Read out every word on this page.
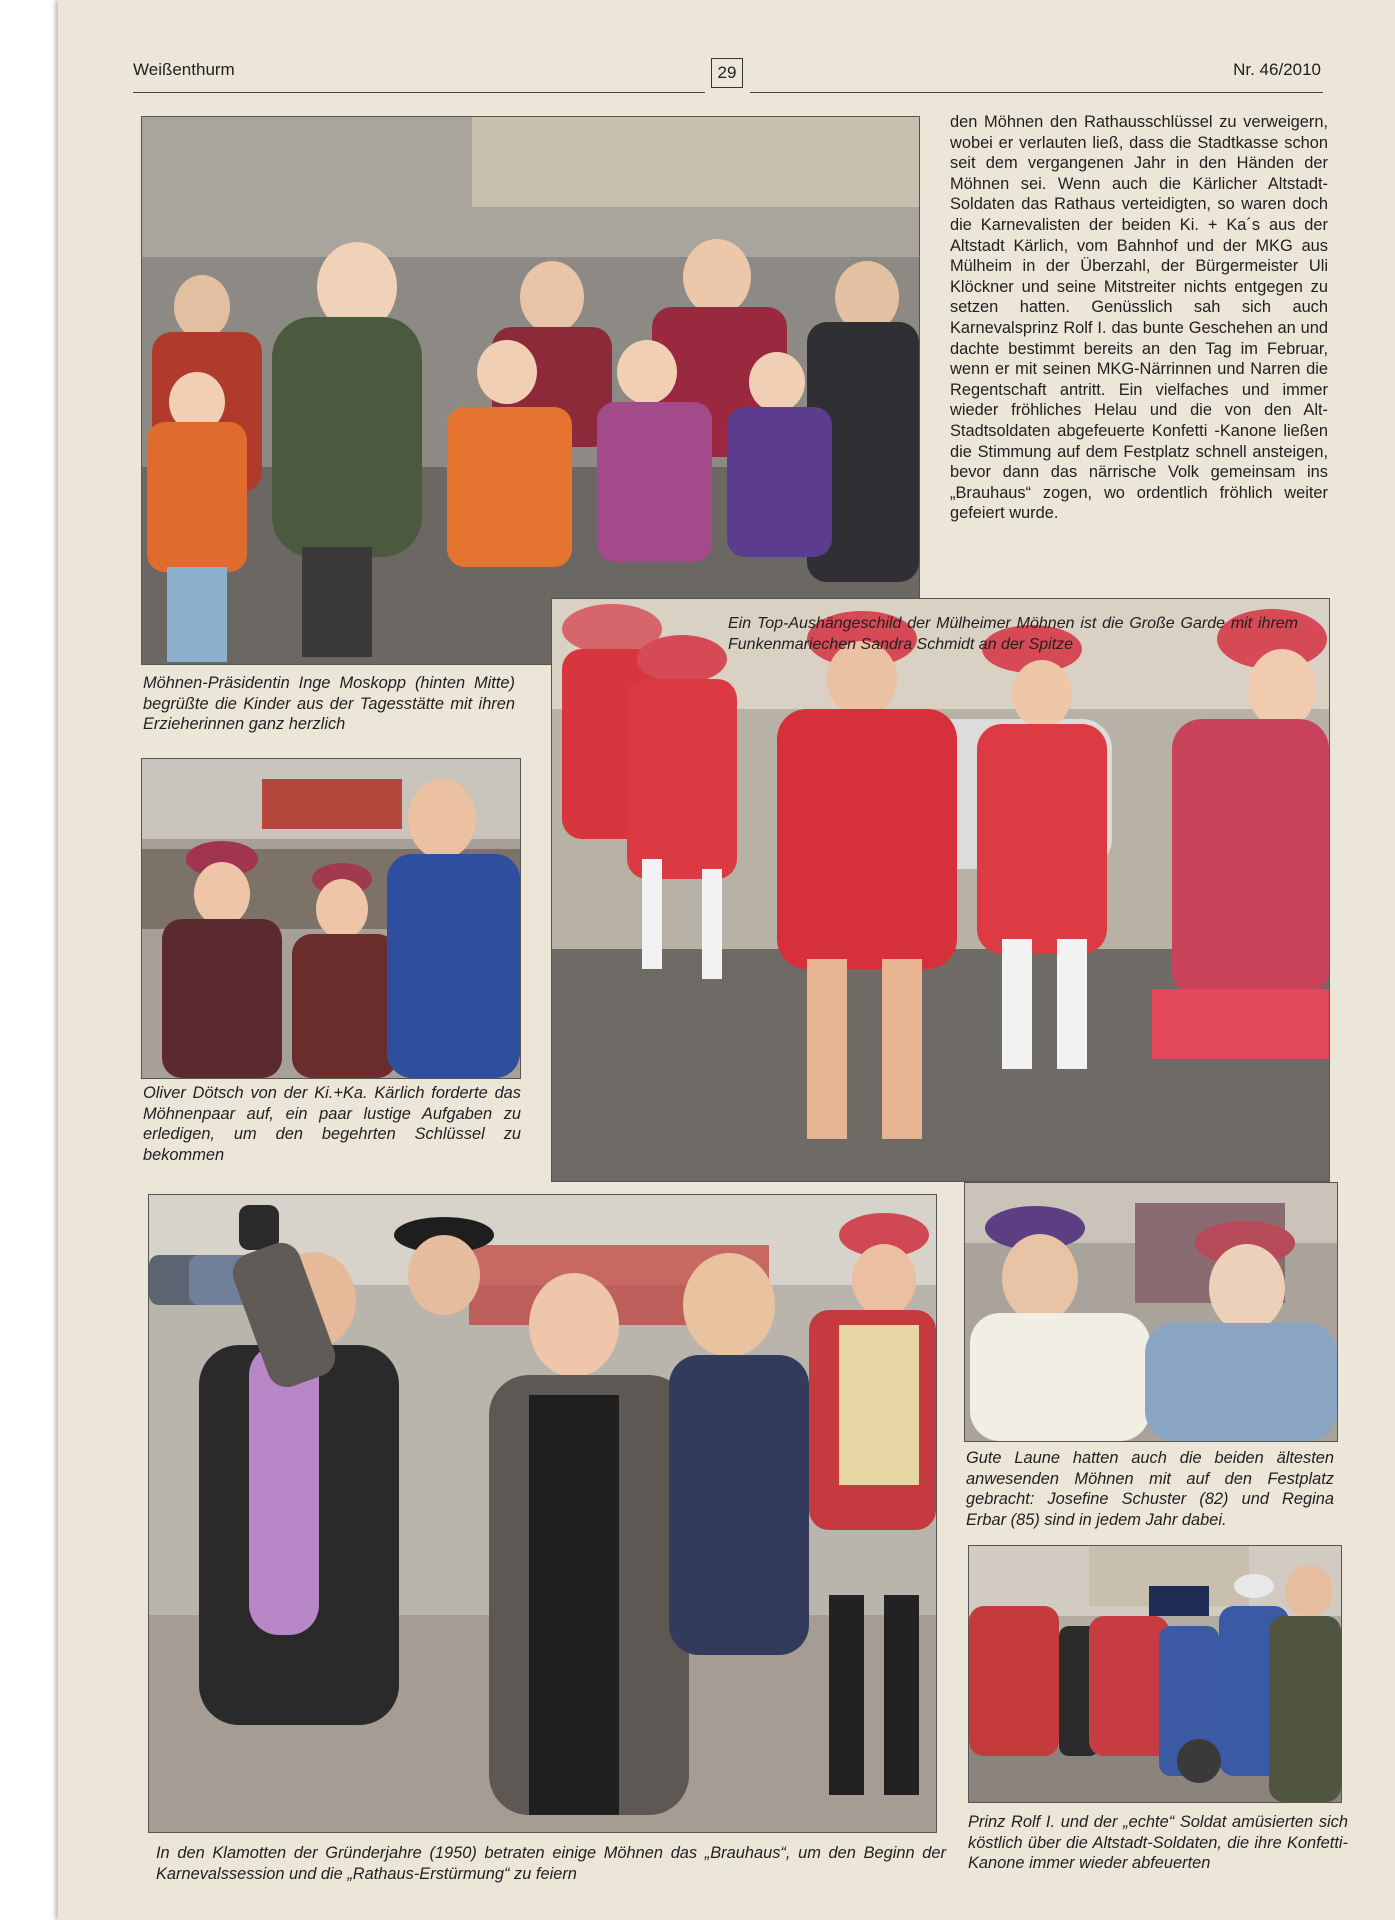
Weißenthurm	29	Nr. 46/2010

den Möhnen den Rathausschlüssel zu verweigern, wobei er verlauten ließ, dass die Stadtkasse schon seit dem vergangenen Jahr in den Händen der Möhnen sei. Wenn auch die Kärlicher Altstadt-Soldaten das Rathaus verteidigten, so waren doch die Karnevalisten der beiden Ki. + Ka´s aus der Altstadt Kärlich, vom Bahnhof und der MKG aus Mülheim in der Überzahl, der Bürgermeister Uli Klöckner und seine Mitstreiter nichts entgegen zu setzen hatten. Genüsslich sah sich auch Karnevalsprinz Rolf I. das bunte Geschehen an und dachte bestimmt bereits an den Tag im Februar, wenn er mit seinen MKG-Närrinnen und Narren die Regentschaft antritt. Ein vielfaches und immer wieder fröhliches Helau und die von den Alt-Stadtsoldaten abgefeuerte Konfetti -Kanone ließen die Stimmung auf dem Festplatz schnell ansteigen, bevor dann das närrische Volk gemeinsam ins „Brauhaus“ zogen, wo ordentlich fröhlich weiter gefeiert wurde.

Möhnen-Präsidentin Inge Moskopp (hinten Mitte) begrüßte die Kinder aus der Tagesstätte mit ihren Erzieherinnen ganz herzlich

Ein Top-Aushängeschild der Mülheimer Möhnen ist die Große Garde mit ihrem Funkenmariechen Sandra Schmidt an der Spitze

Oliver Dötsch von der Ki.+Ka. Kärlich forderte das Möhnenpaar auf, ein paar lustige Aufgaben zu erledigen, um den begehrten Schlüssel zu bekommen

In den Klamotten der Gründerjahre (1950) betraten einige Möhnen das „Brauhaus“, um den Beginn der Karnevalssession und die „Rathaus-Erstürmung“ zu feiern

Gute Laune hatten auch die beiden ältesten anwesenden Möhnen mit auf den Festplatz gebracht: Josefine Schuster (82) und Regina Erbar (85) sind in jedem Jahr dabei.

Prinz Rolf I. und der „echte“ Soldat amüsierten sich köstlich über die Altstadt-Soldaten, die ihre Konfetti-Kanone immer wieder abfeuerten
